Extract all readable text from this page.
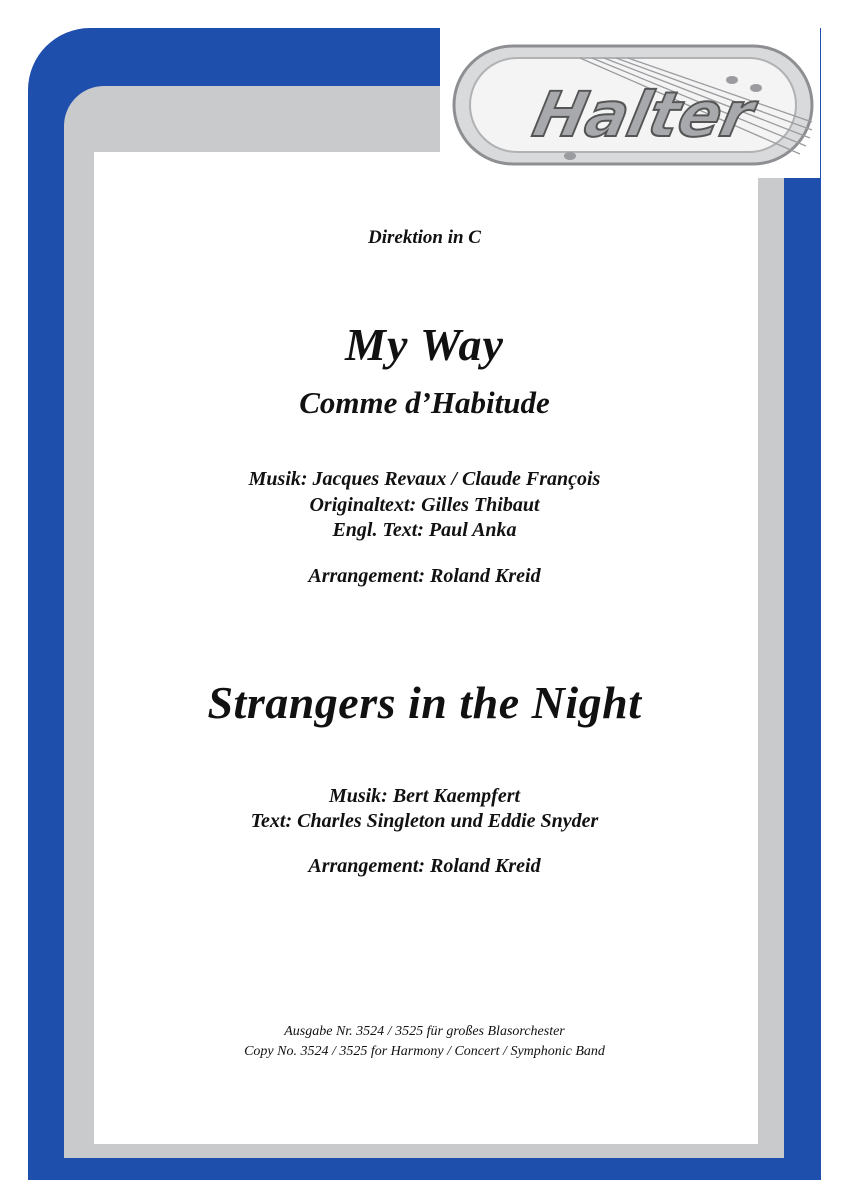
Halter
Direktion in C
My Way
Comme d’Habitude
Musik: Jacques Revaux / Claude François
Originaltext: Gilles Thibaut
Engl. Text: Paul Anka
Arrangement: Roland Kreid
Strangers in the Night
Musik: Bert Kaempfert
Text: Charles Singleton und Eddie Snyder
Arrangement: Roland Kreid
Ausgabe Nr. 3524 / 3525 für großes Blasorchester
Copy No. 3524 / 3525 for Harmony / Concert / Symphonic Band
